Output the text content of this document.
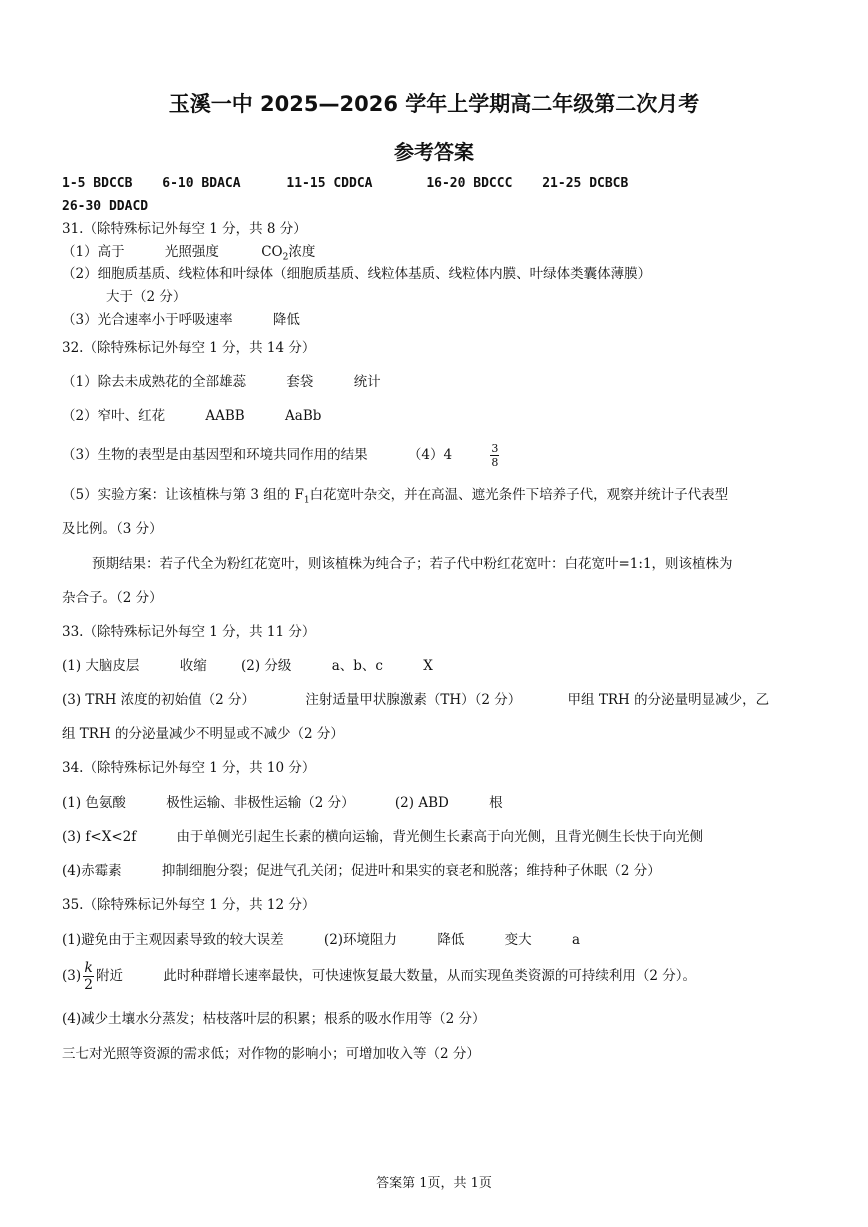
玉溪一中 2025—2026 学年上学期高二年级第二次月考
参考答案
1-5 BDCCB 6-10 BDACA	11-15 CDDCA	16-20 BDCCC 21-25 DCBCB
26-30 DDACD
31.（除特殊标记外每空 1 分，共 8 分）
（1）高于	光照强度	$CO_2$浓度
（2）细胞质基质、线粒体和叶绿体（细胞质基质、线粒体基质、线粒体内膜、叶绿体类囊体薄膜）
大于（2 分）
（3）光合速率小于呼吸速率	降低
32.（除特殊标记外每空 1 分，共 14 分）
（1）除去未成熟花的全部雄蕊	套袋	统计
（2）窄叶、红花	AABB	AaBb
（3）生物的表型是由基因型和环境共同作用的结果	（4）4	$\frac{3}{8}$
（5）实验方案：让该植株与第 3 组的 $F_1$白花宽叶杂交，并在高温、遮光条件下培养子代，观察并统计子代表型
及比例。（3 分）
预期结果：若子代全为粉红花宽叶，则该植株为纯合子；若子代中粉红花宽叶：白花宽叶=1:1，则该植株为
杂合子。（2 分）
33.（除特殊标记外每空 1 分，共 11 分）
(1) 大脑皮层	收缩	(2) 分级	a、b、c	X
(3) TRH 浓度的初始值（2 分）	注射适量甲状腺激素（TH）（2 分）	甲组 TRH 的分泌量明显减少，乙
组 TRH 的分泌量减少不明显或不减少（2 分）
34.（除特殊标记外每空 1 分，共 10 分）
(1) 色氨酸	极性运输、非极性运输（2 分）	(2) ABD	根
(3) f<X<2f	由于单侧光引起生长素的横向运输，背光侧生长素高于向光侧，且背光侧生长快于向光侧
(4)赤霉素	抑制细胞分裂；促进气孔关闭；促进叶和果实的衰老和脱落；维持种子休眠（2 分）
35.（除特殊标记外每空 1 分，共 12 分）
(1)避免由于主观因素导致的较大误差	(2)环境阻力	降低	变大	a
$(3) \frac{k}{2}$ 附近	此时种群增长速率最快，可快速恢复最大数量，从而实现鱼类资源的可持续利用（2 分）。
(4)减少土壤水分蒸发；枯枝落叶层的积累；根系的吸水作用等（2 分）
三七对光照等资源的需求低；对作物的影响小；可增加收入等（2 分）
答案第 1页，共 1页
